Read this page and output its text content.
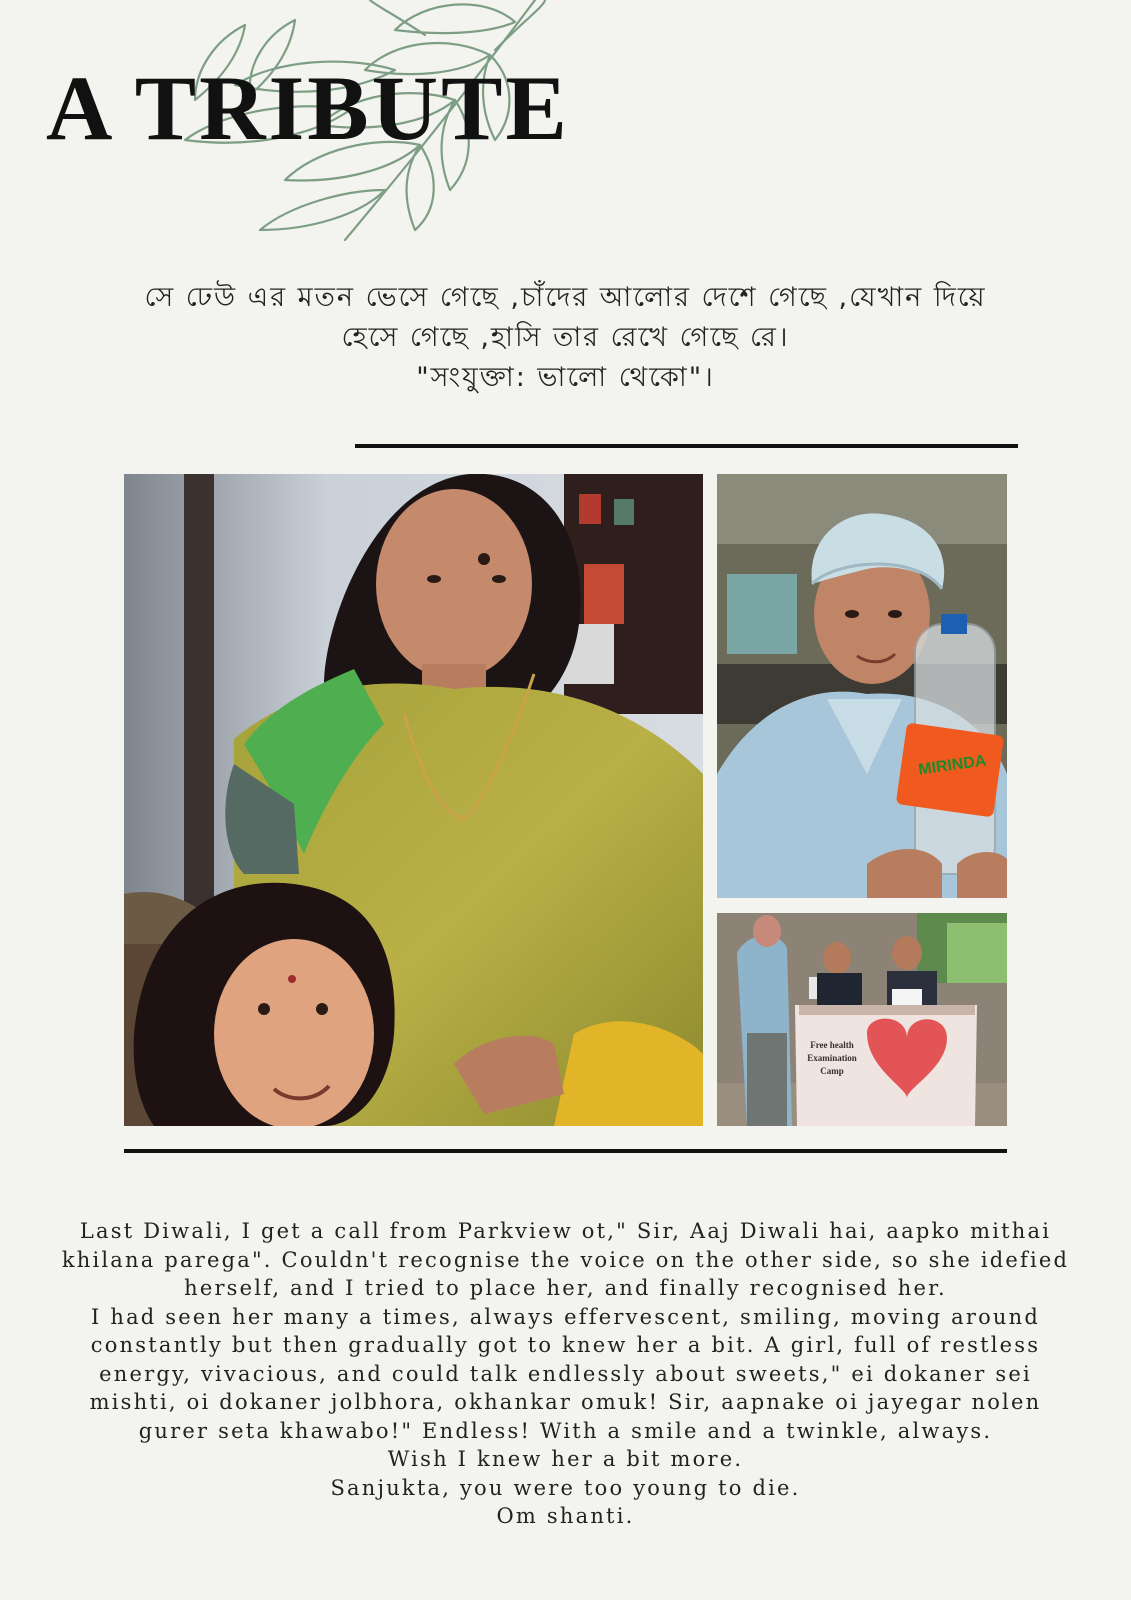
A TRIBUTE

সে ঢেউ এর মতন ভেসে গেছে ,চাঁদের আলোর দেশে গেছে ,যেখান দিয়ে

হেসে গেছে ,হাসি তার রেখে গেছে রে।

"সংযুক্তা: ভালো থেকো"।

MIRINDA
Free health
Examination
Camp

Last Diwali, I get a call from Parkview ot," Sir, Aaj Diwali hai, aapko mithai

khilana parega". Couldn't recognise the voice on the other side, so she idefied

herself, and I tried to place her, and finally recognised her.

I had seen her many a times, always effervescent, smiling, moving around

constantly but then gradually got to knew her a bit. A girl, full of restless

energy, vivacious, and could talk endlessly about sweets," ei dokaner sei

mishti, oi dokaner jolbhora, okhankar omuk! Sir, aapnake oi jayegar nolen

gurer seta khawabo!" Endless! With a smile and a twinkle, always.

Wish I knew her a bit more.

Sanjukta, you were too young to die.

Om shanti.
